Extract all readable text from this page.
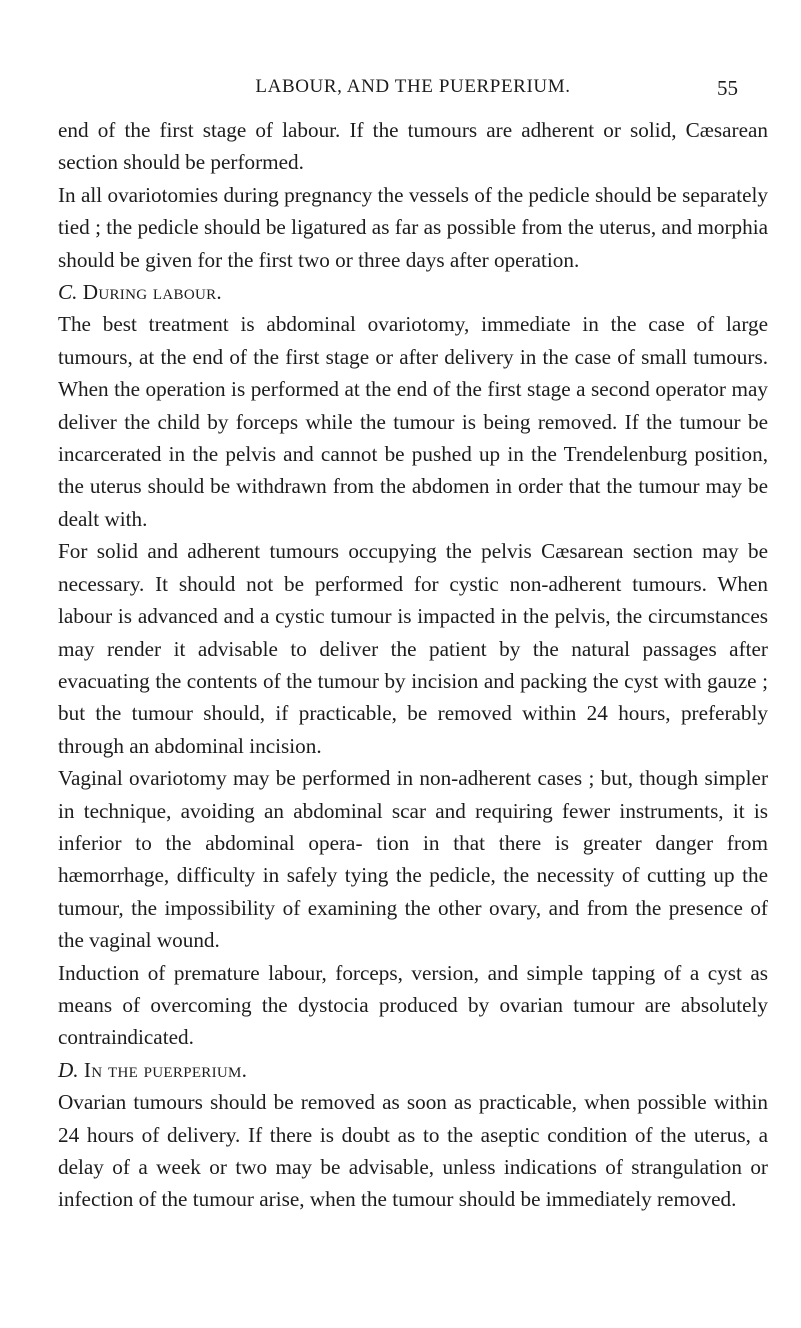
LABOUR, AND THE PUERPERIUM.	55

end of the first stage of labour. If the tumours are adherent or solid, Cæsarean section should be performed.

In all ovariotomies during pregnancy the vessels of the pedicle should be separately tied ; the pedicle should be ligatured as far as possible from the uterus, and morphia should be given for the first two or three days after operation.

C. During labour.

The best treatment is abdominal ovariotomy, immediate in the case of large tumours, at the end of the first stage or after delivery in the case of small tumours. When the operation is performed at the end of the first stage a second operator may deliver the child by forceps while the tumour is being removed. If the tumour be incarcerated in the pelvis and cannot be pushed up in the Trendelenburg position, the uterus should be withdrawn from the abdomen in order that the tumour may be dealt with.

For solid and adherent tumours occupying the pelvis Cæsarean section may be necessary. It should not be performed for cystic non-adherent tumours. When labour is advanced and a cystic tumour is impacted in the pelvis, the circumstances may render it advisable to deliver the patient by the natural passages after evacuating the contents of the tumour by incision and packing the cyst with gauze ; but the tumour should, if practicable, be removed within 24 hours, preferably through an abdominal incision.

Vaginal ovariotomy may be performed in non-adherent cases ; but, though simpler in technique, avoiding an abdominal scar and requiring fewer instruments, it is inferior to the abdominal opera- tion in that there is greater danger from hæmorrhage, difficulty in safely tying the pedicle, the necessity of cutting up the tumour, the impossibility of examining the other ovary, and from the presence of the vaginal wound.

Induction of premature labour, forceps, version, and simple tapping of a cyst as means of overcoming the dystocia produced by ovarian tumour are absolutely contraindicated.

D. In the puerperium.

Ovarian tumours should be removed as soon as practicable, when possible within 24 hours of delivery. If there is doubt as to the aseptic condition of the uterus, a delay of a week or two may be advisable, unless indications of strangulation or infection of the tumour arise, when the tumour should be immediately removed.
